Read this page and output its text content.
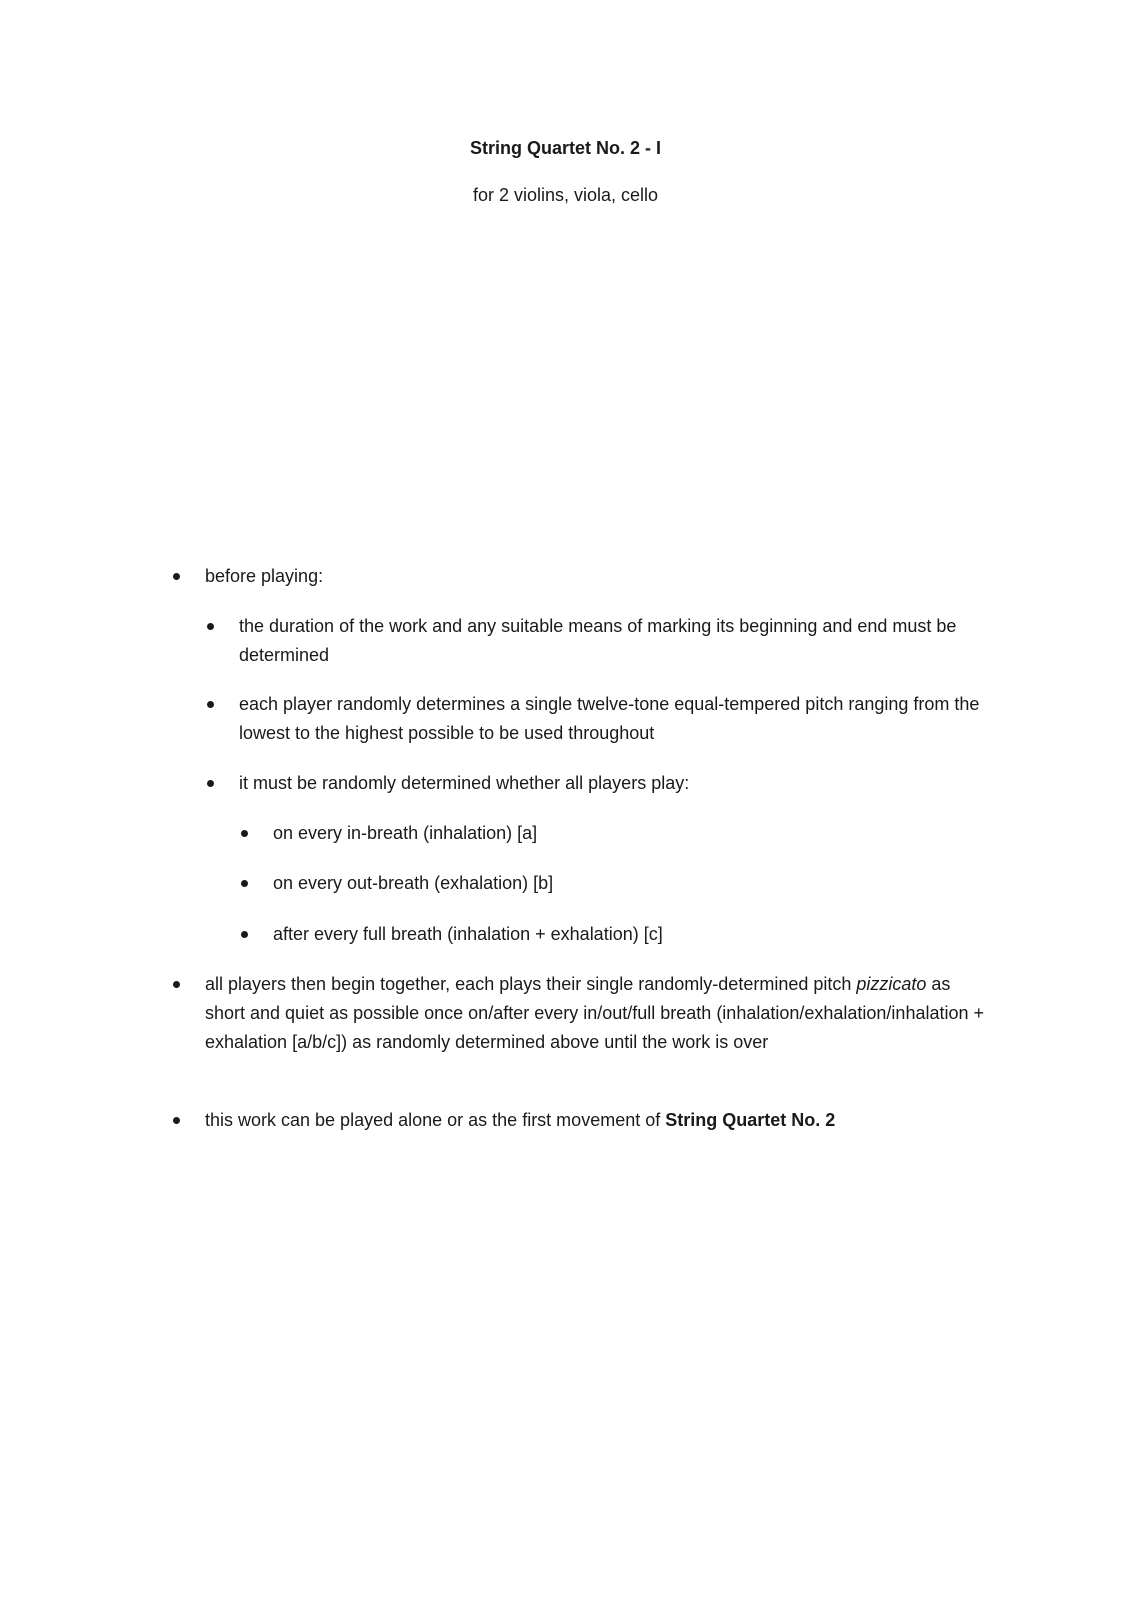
String Quartet No. 2 - I
for 2 violins, viola, cello
before playing:
the duration of the work and any suitable means of marking its beginning and end must be determined
each player randomly determines a single twelve-tone equal-tempered pitch ranging from the lowest to the highest possible to be used throughout
it must be randomly determined whether all players play:
on every in-breath (inhalation) [a]
on every out-breath (exhalation) [b]
after every full breath (inhalation + exhalation) [c]
all players then begin together, each plays their single randomly-determined pitch pizzicato as short and quiet as possible once on/after every in/out/full breath (inhalation/exhalation/inhalation + exhalation [a/b/c]) as randomly determined above until the work is over
this work can be played alone or as the first movement of String Quartet No. 2
